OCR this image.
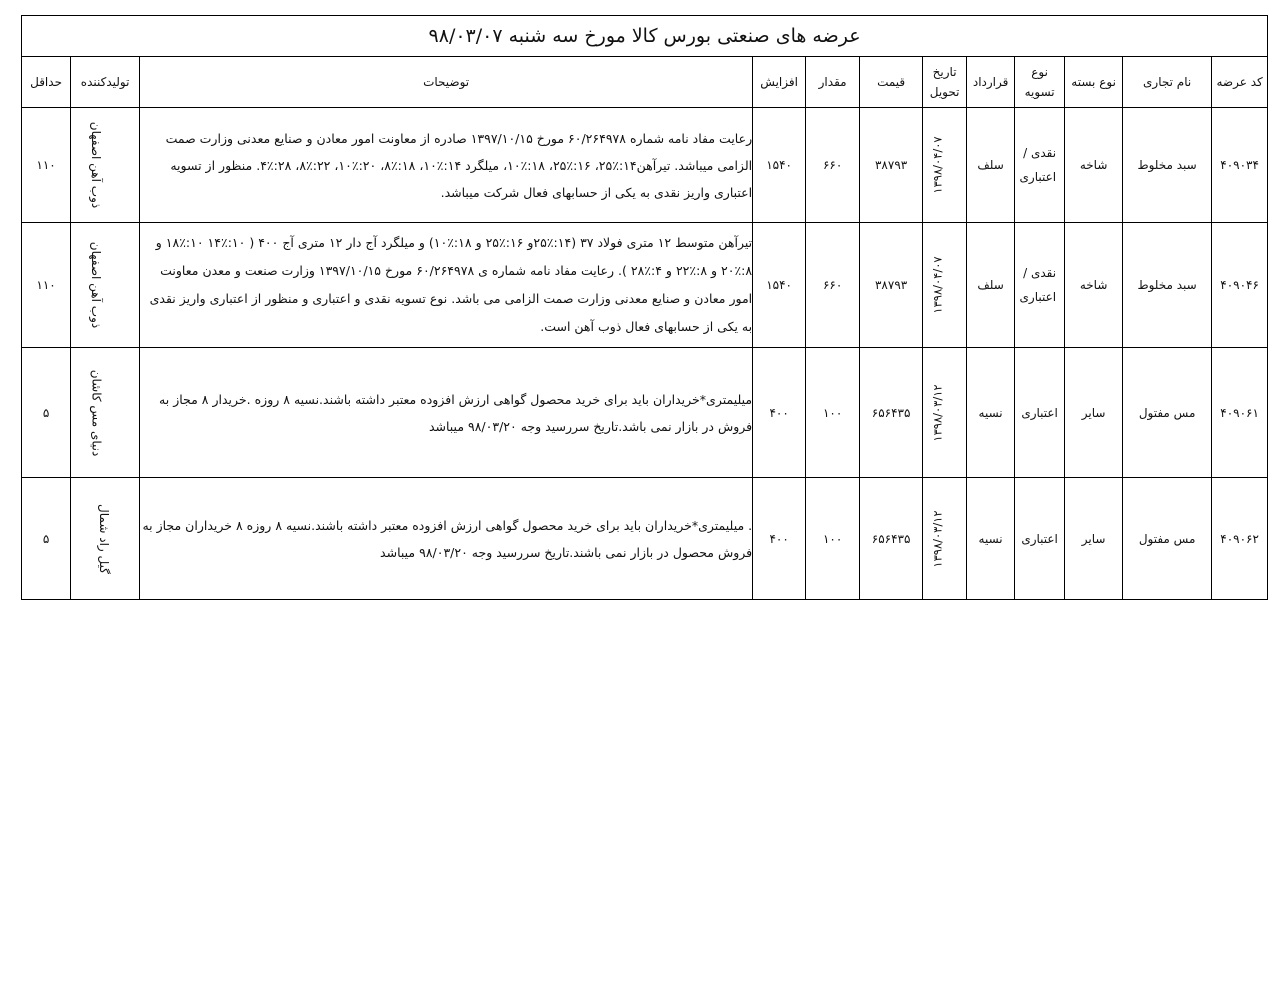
عرضه های صنعتی بورس کالا مورخ سه شنبه ۹۸/۰۳/۰۷											
کد عرضه	نام تجاری	نوع بسته	نوع تسویه	قرارداد	تاریخ تحویل	قیمت	مقدار	افزایش	توضیحات	تولیدکننده	حداقل
۴۰۹۰۳۴	سبد مخلوط	شاخه	نقدی / اعتباری	سلف	۱۳۹۸/۰۴/۰۷	۳۸۷۹۳	۶۶۰	۱۵۴۰	رعایت مفاد نامه شماره ۶۰/۲۶۴۹۷۸ مورخ ۱۳۹۷/۱۰/۱۵ صادره از معاونت امور معادن و صنایع معدنی وزارت صمت الزامی میباشد. تیرآهن۱۴:٪۲۵، ۱۶:٪۲۵، ۱۸:٪۱۰، میلگرد ۱۴:٪۱۰، ۱۸:٪۸، ۲۰:٪۱۰، ۲۲:٪۸، ۲۸:٪۴. منظور از تسویه اعتباری واریز نقدی به یکی از حسابهای فعال شرکت میباشد.	ذوب آهن اصفهان	۱۱۰
۴۰۹۰۴۶	سبد مخلوط	شاخه	نقدی / اعتباری	سلف	۱۳۹۸/۰۴/۰۷	۳۸۷۹۳	۶۶۰	۱۵۴۰	تیرآهن متوسط ۱۲ متری فولاد ۳۷ (۱۴:٪۲۵و ۱۶:٪۲۵ و ۱۸:٪۱۰) و میلگرد آج دار ۱۲ متری آج ۴۰۰ ( ۱۰:٪۱۴ ۱۰:٪۱۸ و ۸:٪۲۰ و ۸:٪۲۲ و ۴:٪۲۸ ). رعایت مفاد نامه شماره ی ۶۰/۲۶۴۹۷۸ مورخ ۱۳۹۷/۱۰/۱۵ وزارت صنعت و معدن معاونت امور معادن و صنایع معدنی وزارت صمت الزامی می باشد. نوع تسویه نقدی و اعتباری و منظور از اعتباری واریز نقدی به یکی از حسابهای فعال ذوب آهن است.	ذوب آهن اصفهان	۱۱۰
۴۰۹۰۶۱	مس مفتول	سایر	اعتباری	نسیه	۱۳۹۸/۰۳/۱۲	۶۵۶۴۳۵	۱۰۰	۴۰۰	میلیمتری*خریداران باید برای خرید محصول گواهی ارزش افزوده معتبر داشته باشند.نسیه ۸ روزه .خریدار ۸ مجاز به فروش در بازار نمی باشد.تاریخ سررسید وجه ۹۸/۰۳/۲۰ میباشد	دنیای مس کاشان	۵
۴۰۹۰۶۲	مس مفتول	سایر	اعتباری	نسیه	۱۳۹۸/۰۳/۱۲	۶۵۶۴۳۵	۱۰۰	۴۰۰	. میلیمتری*خریداران باید برای خرید محصول گواهی ارزش افزوده معتبر داشته باشند.نسیه ۸ روزه ۸ خریداران مجاز به فروش محصول در بازار نمی باشند.تاریخ سررسید وجه ۹۸/۰۳/۲۰ میباشد	گیل راد شمال	۵
